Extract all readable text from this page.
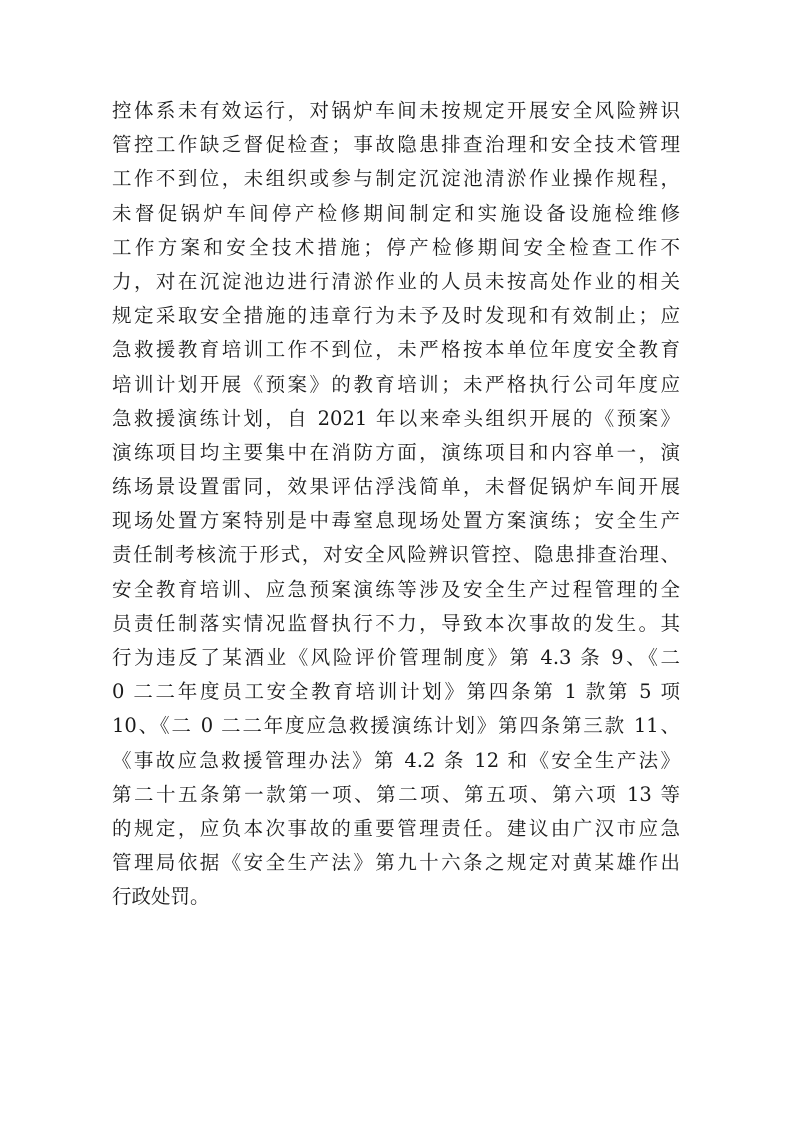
控体系未有效运行，对锅炉车间未按规定开展安全风险辨识
管控工作缺乏督促检查；事故隐患排查治理和安全技术管理
工作不到位，未组织或参与制定沉淀池清淤作业操作规程，
未督促锅炉车间停产检修期间制定和实施设备设施检维修
工作方案和安全技术措施；停产检修期间安全检查工作不
力，对在沉淀池边进行清淤作业的人员未按高处作业的相关
规定采取安全措施的违章行为未予及时发现和有效制止；应
急救援教育培训工作不到位，未严格按本单位年度安全教育
培训计划开展《预案》的教育培训；未严格执行公司年度应
急救援演练计划，自 2021 年以来牵头组织开展的《预案》
演练项目均主要集中在消防方面，演练项目和内容单一，演
练场景设置雷同，效果评估浮浅简单，未督促锅炉车间开展
现场处置方案特别是中毒窒息现场处置方案演练；安全生产
责任制考核流于形式，对安全风险辨识管控、隐患排查治理、
安全教育培训、应急预案演练等涉及安全生产过程管理的全
员责任制落实情况监督执行不力，导致本次事故的发生。其
行为违反了某酒业《风险评价管理制度》第 4.3 条 9、《二
0 二二年度员工安全教育培训计划》第四条第 1 款第 5 项
10、《二 0 二二年度应急救援演练计划》第四条第三款 11、
《事故应急救援管理办法》第 4.2 条 12 和《安全生产法》
第二十五条第一款第一项、第二项、第五项、第六项 13 等
的规定，应负本次事故的重要管理责任。建议由广汉市应急
管理局依据《安全生产法》第九十六条之规定对黄某雄作出
行政处罚。
